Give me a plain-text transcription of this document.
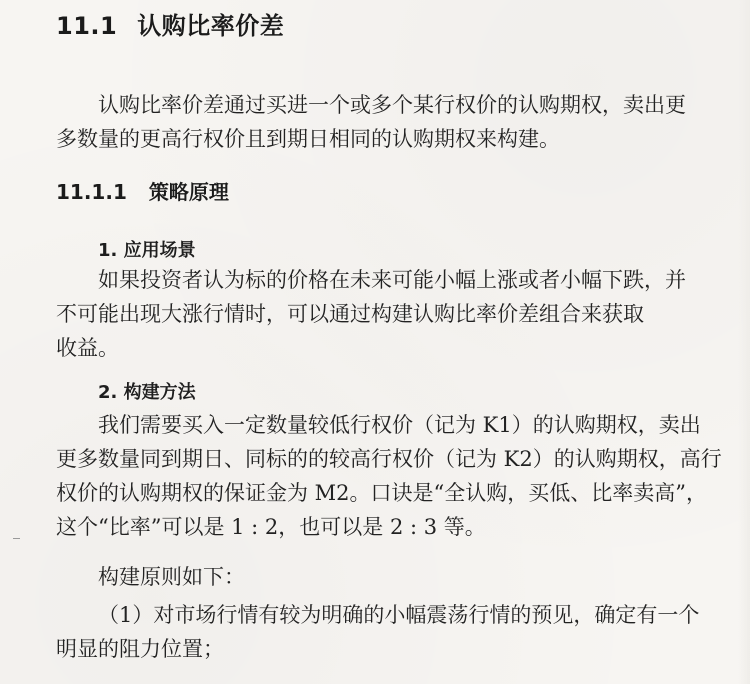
11.1 认购比率价差
认购比率价差通过买进一个或多个某行权价的认购期权，卖出更
多数量的更高行权价且到期日相同的认购期权来构建。
11.1.1 策略原理
1. 应用场景
如果投资者认为标的价格在未来可能小幅上涨或者小幅下跌，并
不可能出现大涨行情时，可以通过构建认购比率价差组合来获取
收益。
2. 构建方法
我们需要买入一定数量较低行权价（记为 K1）的认购期权，卖出
更多数量同到期日、同标的的较高行权价（记为 K2）的认购期权，高行
权价的认购期权的保证金为 M2。口诀是“全认购，买低、比率卖高”，
这个“比率”可以是 1 : 2，也可以是 2 : 3 等。
构建原则如下：
（1）对市场行情有较为明确的小幅震荡行情的预见，确定有一个
明显的阻力位置；
